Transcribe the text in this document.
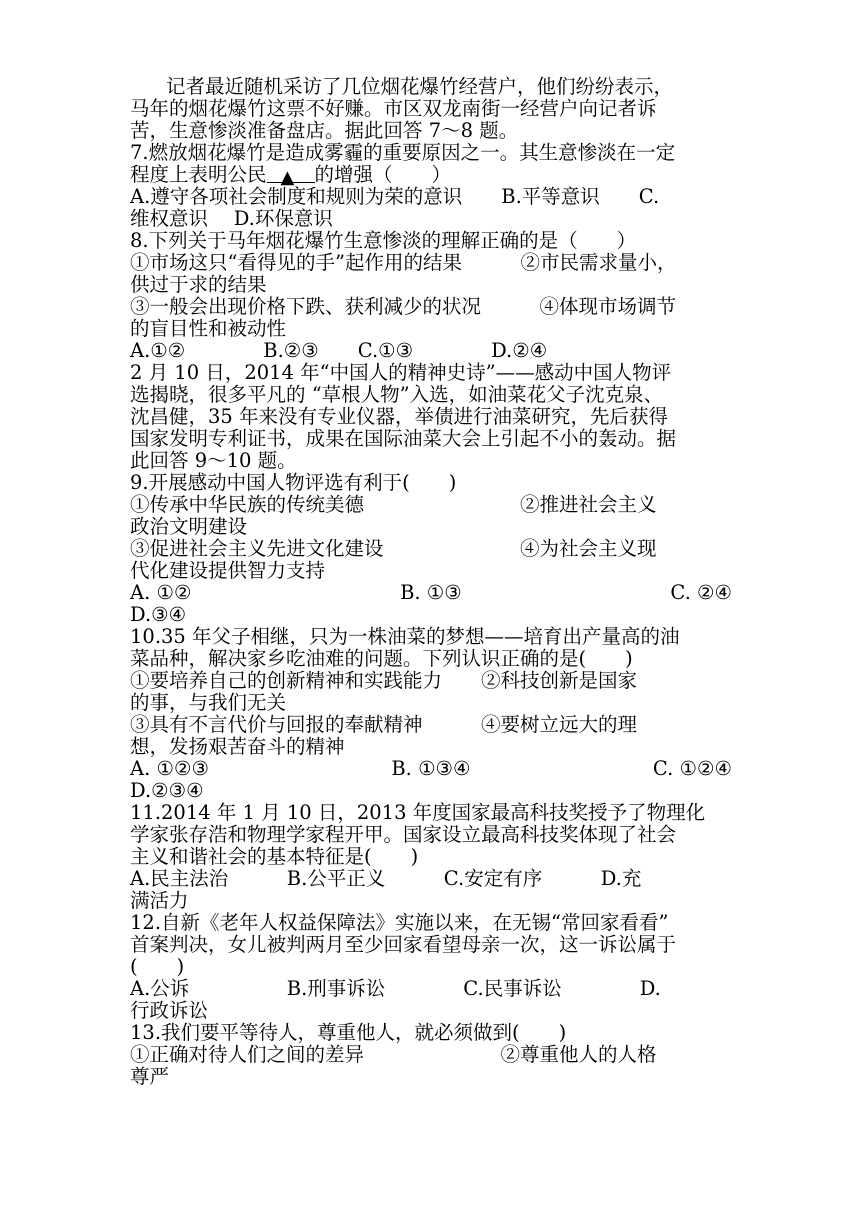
记者最近随机采访了几位烟花爆竹经营户，他们纷纷表示，

马年的烟花爆竹这票不好赚。市区双龙南街一经营户向记者诉

苦，生意惨淡准备盘店。据此回答 7～8 题。

7.燃放烟花爆竹是造成雾霾的重要原因之一。其生意惨淡在一定

程度上表明公民 ▲ 的增强（　　）

A.遵守各项社会制度和规则为荣的意识　　B.平等意识　　C.

维权意识　 D.环保意识

8.下列关于马年烟花爆竹生意惨淡的理解正确的是（　　）

①市场这只“看得见的手”起作用的结果　　　②市民需求量小，

供过于求的结果

③一般会出现价格下跌、获利减少的状况　　　④体现市场调节

的盲目性和被动性

A.①②　　　　B.②③　　C.①③　　　　D.②④

2 月 10 日，2014 年“中国人的精神史诗”——感动中国人物评

选揭晓，很多平凡的 “草根人物”入选，如油菜花父子沈克泉、

沈昌健，35 年来没有专业仪器，举债进行油菜研究，先后获得

国家发明专利证书，成果在国际油菜大会上引起不小的轰动。据

此回答 9～10 题。

9.开展感动中国人物评选有利于(　　)

①传承中华民族的传统美德　　　　　　　　②推进社会主义

政治文明建设

③促进社会主义先进文化建设　　　　　　　④为社会主义现

代化建设提供智力支持

A. ①②	B. ①③	C. ②④

D.③④

10.35 年父子相继，只为一株油菜的梦想——培育出产量高的油

菜品种，解决家乡吃油难的问题。下列认识正确的是(　　)

①要培养自己的创新精神和实践能力　　②科技创新是国家

的事，与我们无关

③具有不言代价与回报的奉献精神　　　④要树立远大的理

想，发扬艰苦奋斗的精神

A. ①②③	B. ①③④	C. ①②④

D.②③④

11.2014 年 1 月 10 日，2013 年度国家最高科技奖授予了物理化

学家张存浩和物理学家程开甲。国家设立最高科技奖体现了社会

主义和谐社会的基本特征是(　　)

A.民主法治　　　B.公平正义　　　C.安定有序　　　D.充

满活力

12.自新《老年人权益保障法》实施以来，在无锡“常回家看看”

首案判决，女儿被判两月至少回家看望母亲一次，这一诉讼属于

(　　)

A.公诉　　　　　B.刑事诉讼　　　　C.民事诉讼　　　　D.

行政诉讼

13.我们要平等待人，尊重他人，就必须做到(　　)

①正确对待人们之间的差异　　　　　　　②尊重他人的人格

尊严
